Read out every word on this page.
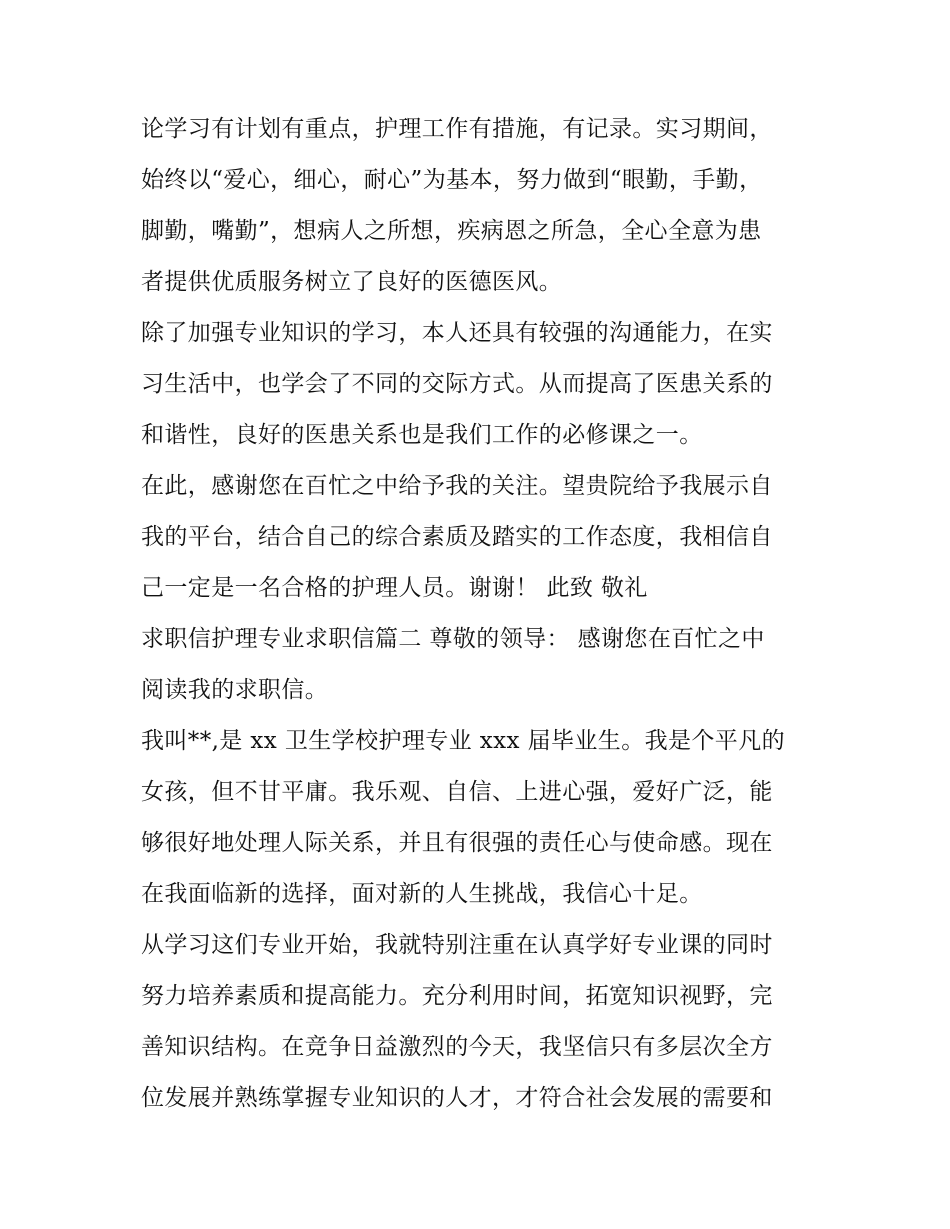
论学习有计划有重点，护理工作有措施，有记录。实习期间，
始终以“爱心，细心，耐心”为基本，努力做到“眼勤，手勤，
脚勤，嘴勤”，想病人之所想，疾病恩之所急，全心全意为患
者提供优质服务树立了良好的医德医风。
除了加强专业知识的学习，本人还具有较强的沟通能力，在实
习生活中，也学会了不同的交际方式。从而提高了医患关系的
和谐性，良好的医患关系也是我们工作的必修课之一。
在此，感谢您在百忙之中给予我的关注。望贵院给予我展示自
我的平台，结合自己的综合素质及踏实的工作态度，我相信自
己一定是一名合格的护理人员。谢谢！ 此致 敬礼
求职信护理专业求职信篇二 尊敬的领导： 感谢您在百忙之中
阅读我的求职信。
我叫**,是 xx 卫生学校护理专业 xxx 届毕业生。我是个平凡的
女孩，但不甘平庸。我乐观、自信、上进心强，爱好广泛，能
够很好地处理人际关系，并且有很强的责任心与使命感。现在
在我面临新的选择，面对新的人生挑战，我信心十足。
从学习这们专业开始，我就特别注重在认真学好专业课的同时
努力培养素质和提高能力。充分利用时间，拓宽知识视野，完
善知识结构。在竞争日益激烈的今天，我坚信只有多层次全方
位发展并熟练掌握专业知识的人才，才符合社会发展的需要和
